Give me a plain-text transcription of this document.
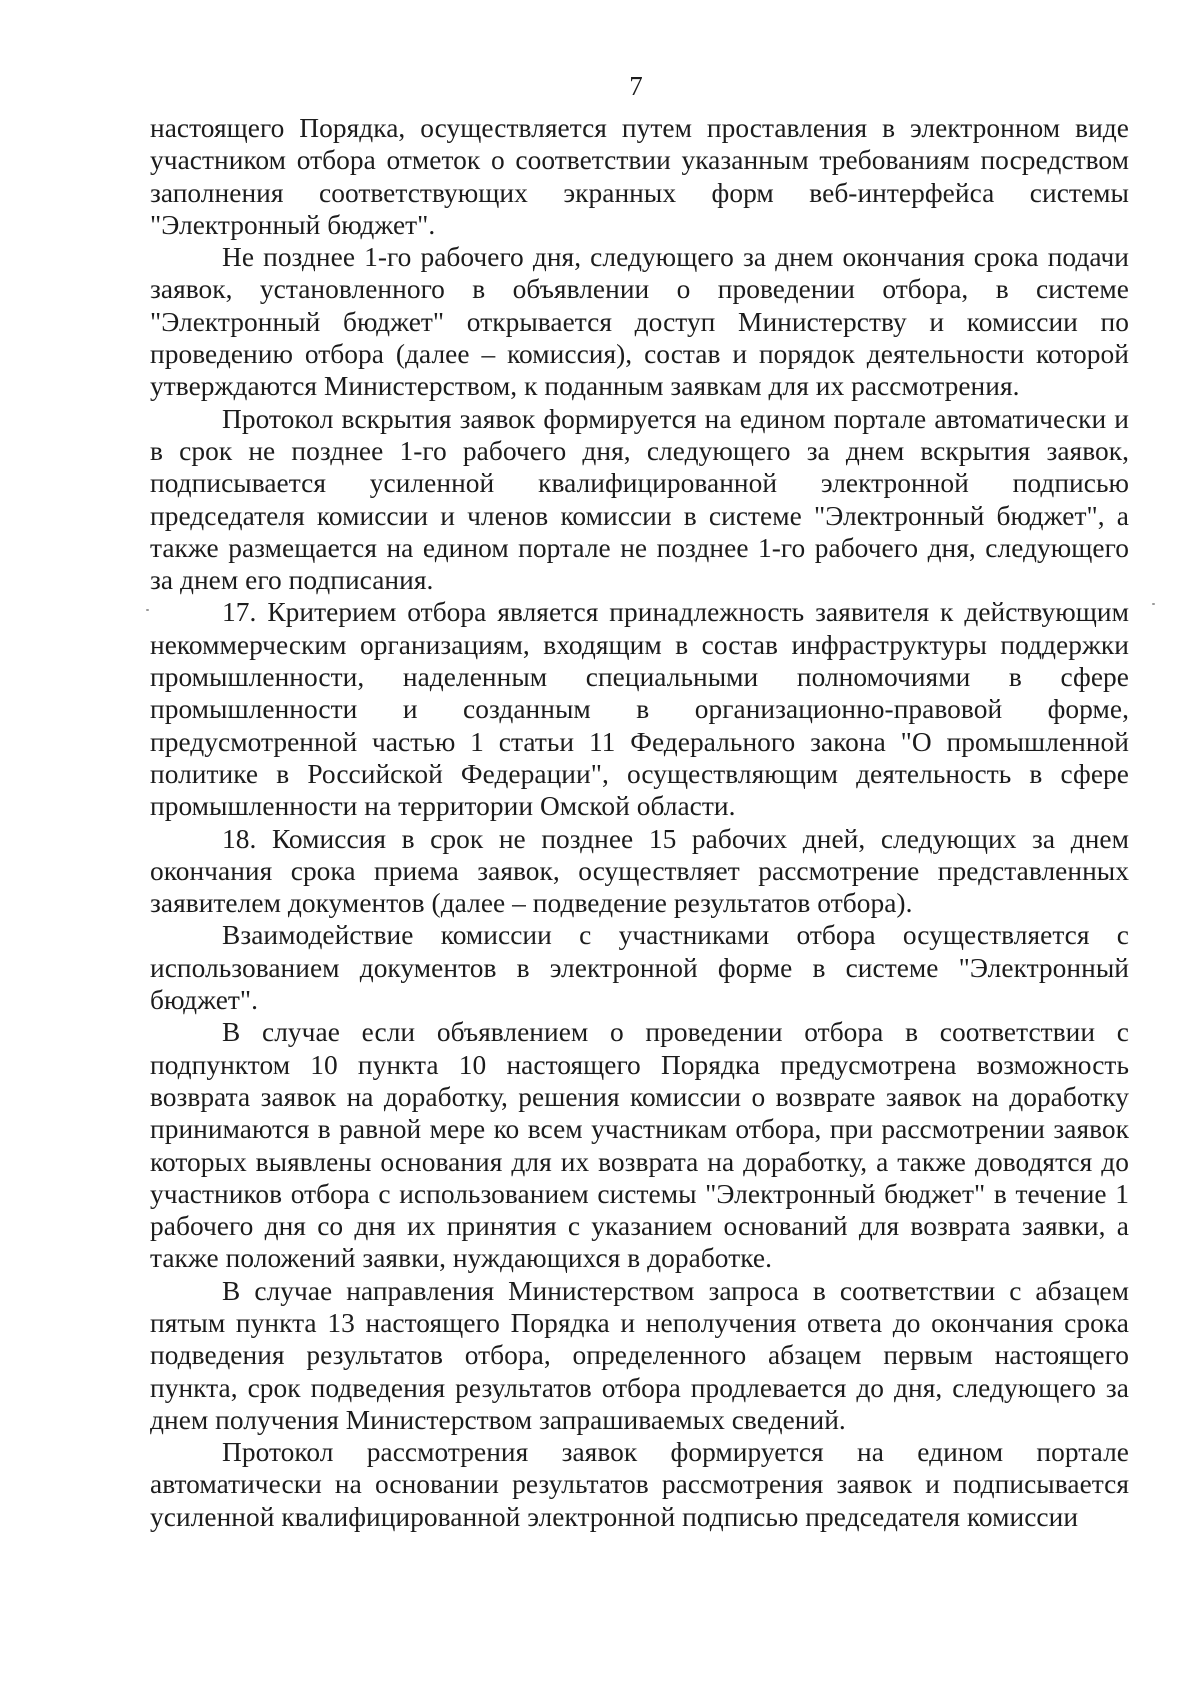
7

настоящего Порядка, осуществляется путем проставления в электронном виде участником отбора отметок о соответствии указанным требованиям посредством заполнения соответствующих экранных форм веб-интерфейса системы "Электронный бюджет".

Не позднее 1-го рабочего дня, следующего за днем окончания срока подачи заявок, установленного в объявлении о проведении отбора, в системе "Электронный бюджет" открывается доступ Министерству и комиссии по проведению отбора (далее – комиссия), состав и порядок деятельности которой утверждаются Министерством, к поданным заявкам для их рассмотрения.

Протокол вскрытия заявок формируется на едином портале автоматически и в срок не позднее 1-го рабочего дня, следующего за днем вскрытия заявок, подписывается усиленной квалифицированной электронной подписью председателя комиссии и членов комиссии в системе "Электронный бюджет", а также размещается на едином портале не позднее 1-го рабочего дня, следующего за днем его подписания.

17. Критерием отбора является принадлежность заявителя к действующим некоммерческим организациям, входящим в состав инфраструктуры поддержки промышленности, наделенным специальными полномочиями в сфере промышленности и созданным в организационно-правовой форме, предусмотренной частью 1 статьи 11 Федерального закона "О промышленной политике в Российской Федерации", осуществляющим деятельность в сфере промышленности на территории Омской области.

18. Комиссия в срок не позднее 15 рабочих дней, следующих за днем окончания срока приема заявок, осуществляет рассмотрение представленных заявителем документов (далее – подведение результатов отбора).

Взаимодействие комиссии с участниками отбора осуществляется с использованием документов в электронной форме в системе "Электронный бюджет".

В случае если объявлением о проведении отбора в соответствии с подпунктом 10 пункта 10 настоящего Порядка предусмотрена возможность возврата заявок на доработку, решения комиссии о возврате заявок на доработку принимаются в равной мере ко всем участникам отбора, при рассмотрении заявок которых выявлены основания для их возврата на доработку, а также доводятся до участников отбора с использованием системы "Электронный бюджет" в течение 1 рабочего дня со дня их принятия с указанием оснований для возврата заявки, а также положений заявки, нуждающихся в доработке.

В случае направления Министерством запроса в соответствии с абзацем пятым пункта 13 настоящего Порядка и неполучения ответа до окончания срока подведения результатов отбора, определенного абзацем первым настоящего пункта, срок подведения результатов отбора продлевается до дня, следующего за днем получения Министерством запрашиваемых сведений.

Протокол рассмотрения заявок формируется на едином портале автоматически на основании результатов рассмотрения заявок и подписывается усиленной квалифицированной электронной подписью председателя комиссии
